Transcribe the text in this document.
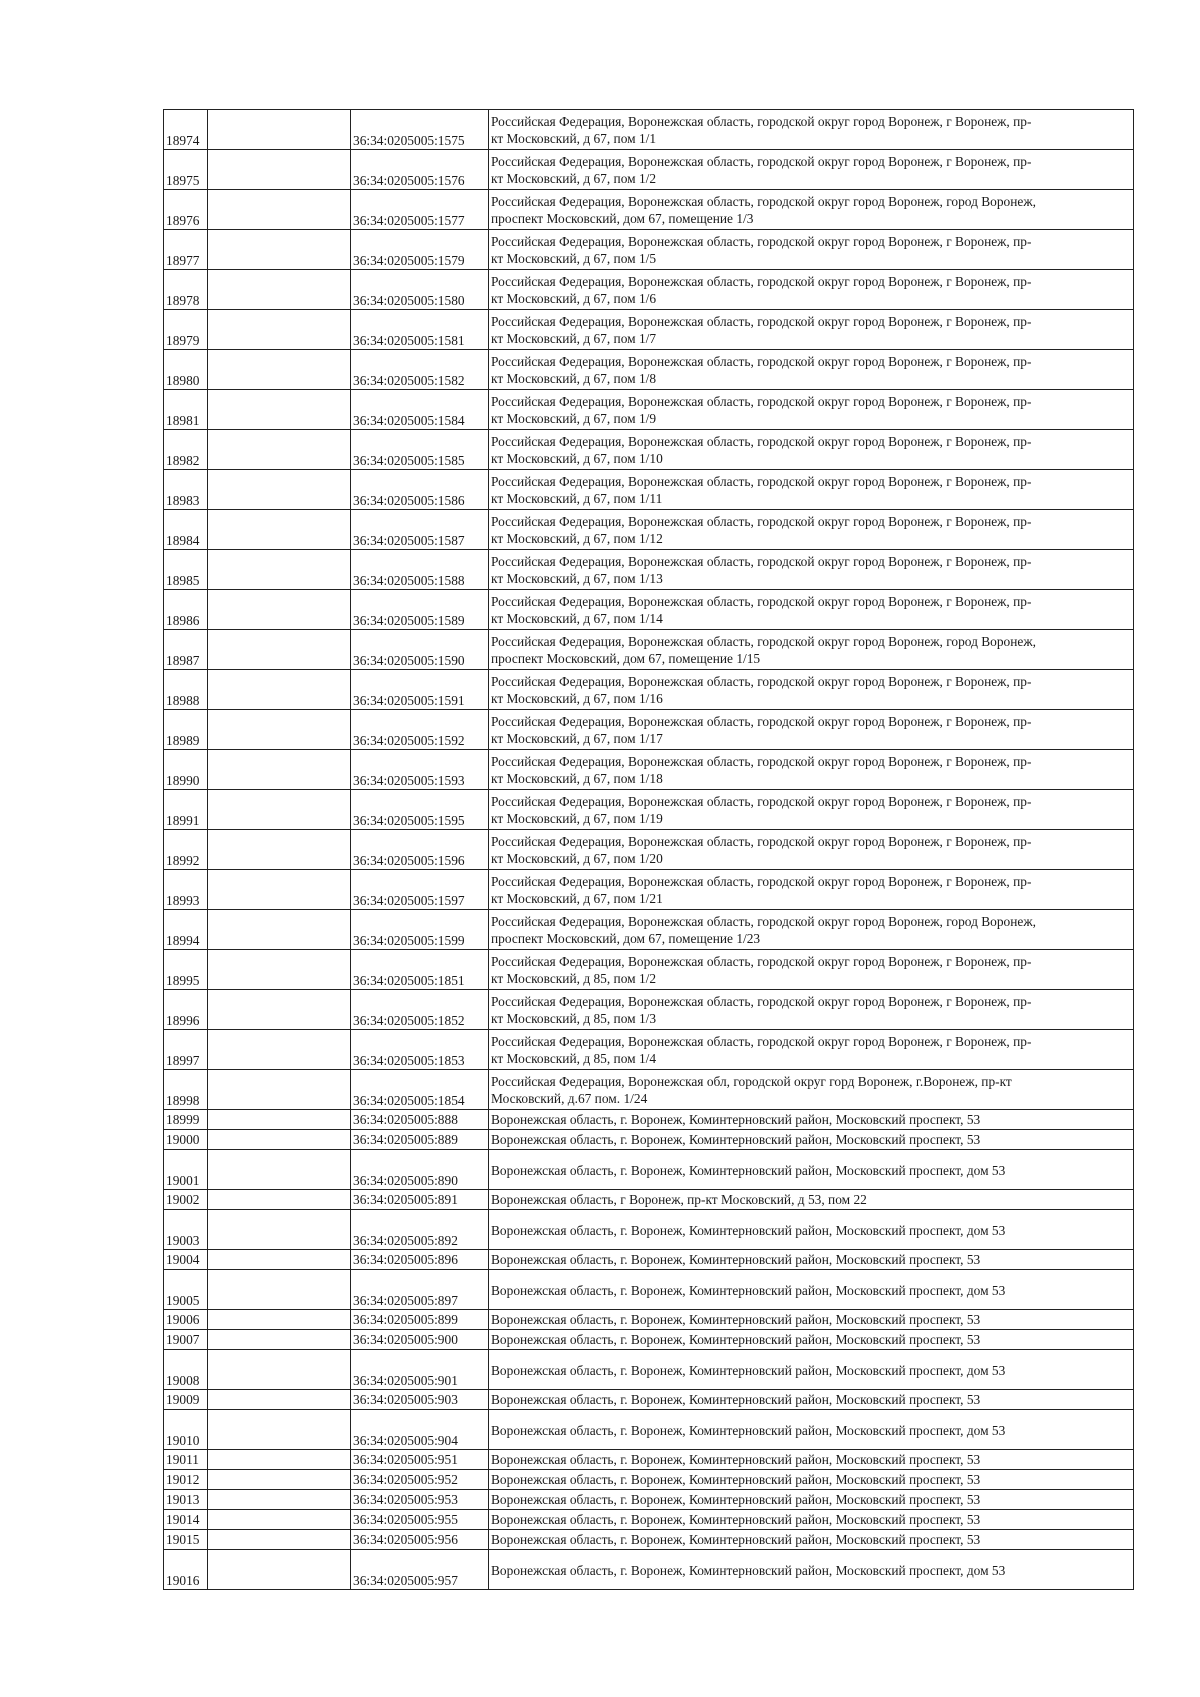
18974		36:34:0205005:1575	Российская Федерация, Воронежская область, городской округ город Воронеж, г Воронеж, пр-
кт Московский, д 67, пом 1/1
18975		36:34:0205005:1576	Российская Федерация, Воронежская область, городской округ город Воронеж, г Воронеж, пр-
кт Московский, д 67, пом 1/2
18976		36:34:0205005:1577	Российская Федерация, Воронежская область, городской округ город Воронеж, город Воронеж,
проспект Московский, дом 67, помещение 1/3
18977		36:34:0205005:1579	Российская Федерация, Воронежская область, городской округ город Воронеж, г Воронеж, пр-
кт Московский, д 67, пом 1/5
18978		36:34:0205005:1580	Российская Федерация, Воронежская область, городской округ город Воронеж, г Воронеж, пр-
кт Московский, д 67, пом 1/6
18979		36:34:0205005:1581	Российская Федерация, Воронежская область, городской округ город Воронеж, г Воронеж, пр-
кт Московский, д 67, пом 1/7
18980		36:34:0205005:1582	Российская Федерация, Воронежская область, городской округ город Воронеж, г Воронеж, пр-
кт Московский, д 67, пом 1/8
18981		36:34:0205005:1584	Российская Федерация, Воронежская область, городской округ город Воронеж, г Воронеж, пр-
кт Московский, д 67, пом 1/9
18982		36:34:0205005:1585	Российская Федерация, Воронежская область, городской округ город Воронеж, г Воронеж, пр-
кт Московский, д 67, пом 1/10
18983		36:34:0205005:1586	Российская Федерация, Воронежская область, городской округ город Воронеж, г Воронеж, пр-
кт Московский, д 67, пом 1/11
18984		36:34:0205005:1587	Российская Федерация, Воронежская область, городской округ город Воронеж, г Воронеж, пр-
кт Московский, д 67, пом 1/12
18985		36:34:0205005:1588	Российская Федерация, Воронежская область, городской округ город Воронеж, г Воронеж, пр-
кт Московский, д 67, пом 1/13
18986		36:34:0205005:1589	Российская Федерация, Воронежская область, городской округ город Воронеж, г Воронеж, пр-
кт Московский, д 67, пом 1/14
18987		36:34:0205005:1590	Российская Федерация, Воронежская область, городской округ город Воронеж, город Воронеж,
проспект Московский, дом 67, помещение 1/15
18988		36:34:0205005:1591	Российская Федерация, Воронежская область, городской округ город Воронеж, г Воронеж, пр-
кт Московский, д 67, пом 1/16
18989		36:34:0205005:1592	Российская Федерация, Воронежская область, городской округ город Воронеж, г Воронеж, пр-
кт Московский, д 67, пом 1/17
18990		36:34:0205005:1593	Российская Федерация, Воронежская область, городской округ город Воронеж, г Воронеж, пр-
кт Московский, д 67, пом 1/18
18991		36:34:0205005:1595	Российская Федерация, Воронежская область, городской округ город Воронеж, г Воронеж, пр-
кт Московский, д 67, пом 1/19
18992		36:34:0205005:1596	Российская Федерация, Воронежская область, городской округ город Воронеж, г Воронеж, пр-
кт Московский, д 67, пом 1/20
18993		36:34:0205005:1597	Российская Федерация, Воронежская область, городской округ город Воронеж, г Воронеж, пр-
кт Московский, д 67, пом 1/21
18994		36:34:0205005:1599	Российская Федерация, Воронежская область, городской округ город Воронеж, город Воронеж,
проспект Московский, дом 67, помещение 1/23
18995		36:34:0205005:1851	Российская Федерация, Воронежская область, городской округ город Воронеж, г Воронеж, пр-
кт Московский, д 85, пом 1/2
18996		36:34:0205005:1852	Российская Федерация, Воронежская область, городской округ город Воронеж, г Воронеж, пр-
кт Московский, д 85, пом 1/3
18997		36:34:0205005:1853	Российская Федерация, Воронежская область, городской округ город Воронеж, г Воронеж, пр-
кт Московский, д 85, пом 1/4
18998		36:34:0205005:1854	Российская Федерация, Воронежская обл, городской округ горд Воронеж, г.Воронеж, пр-кт
Московский, д.67 пом. 1/24
18999		36:34:0205005:888	Воронежская область, г. Воронеж, Коминтерновский район, Московский проспект, 53
19000		36:34:0205005:889	Воронежская область, г. Воронеж, Коминтерновский район, Московский проспект, 53
19001		36:34:0205005:890	Воронежская область, г. Воронеж, Коминтерновский район, Московский проспект, дом 53
19002		36:34:0205005:891	Воронежская область, г Воронеж, пр-кт Московский, д 53, пом 22
19003		36:34:0205005:892	Воронежская область, г. Воронеж, Коминтерновский район, Московский проспект, дом 53
19004		36:34:0205005:896	Воронежская область, г. Воронеж, Коминтерновский район, Московский проспект, 53
19005		36:34:0205005:897	Воронежская область, г. Воронеж, Коминтерновский район, Московский проспект, дом 53
19006		36:34:0205005:899	Воронежская область, г. Воронеж, Коминтерновский район, Московский проспект, 53
19007		36:34:0205005:900	Воронежская область, г. Воронеж, Коминтерновский район, Московский проспект, 53
19008		36:34:0205005:901	Воронежская область, г. Воронеж, Коминтерновский район, Московский проспект, дом 53
19009		36:34:0205005:903	Воронежская область, г. Воронеж, Коминтерновский район, Московский проспект, 53
19010		36:34:0205005:904	Воронежская область, г. Воронеж, Коминтерновский район, Московский проспект, дом 53
19011		36:34:0205005:951	Воронежская область, г. Воронеж, Коминтерновский район, Московский проспект, 53
19012		36:34:0205005:952	Воронежская область, г. Воронеж, Коминтерновский район, Московский проспект, 53
19013		36:34:0205005:953	Воронежская область, г. Воронеж, Коминтерновский район, Московский проспект, 53
19014		36:34:0205005:955	Воронежская область, г. Воронеж, Коминтерновский район, Московский проспект, 53
19015		36:34:0205005:956	Воронежская область, г. Воронеж, Коминтерновский район, Московский проспект, 53
19016		36:34:0205005:957	Воронежская область, г. Воронеж, Коминтерновский район, Московский проспект, дом 53
